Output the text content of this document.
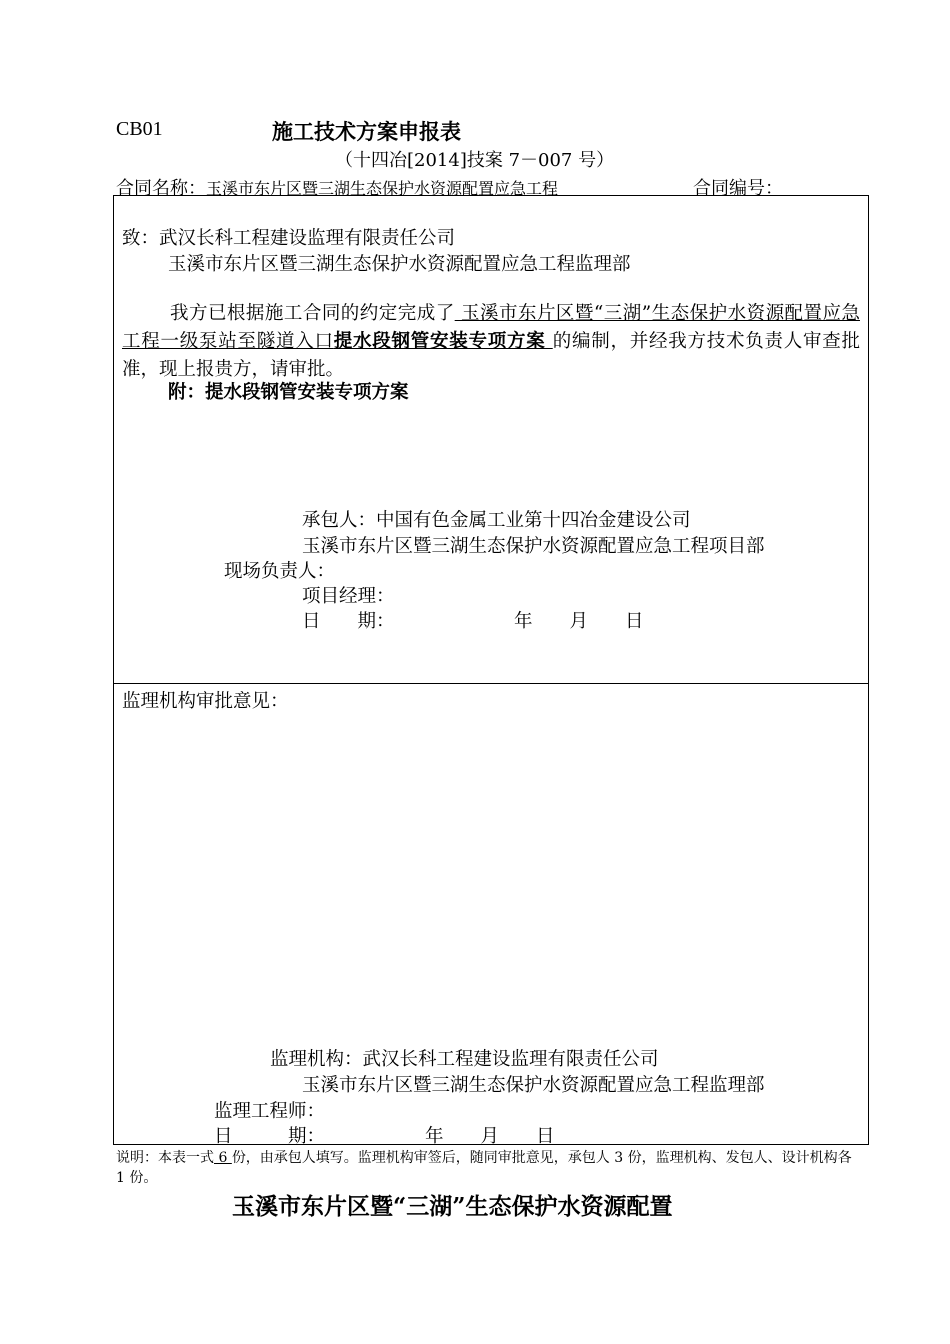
CB01	施工技术方案申报表
（十四冶[2014]技案 7－007 号）
合同名称：玉溪市东片区暨三湖生态保护水资源配置应急工程	合同编号：
致：武汉长科工程建设监理有限责任公司
玉溪市东片区暨三湖生态保护水资源配置应急工程监理部
我方已根据施工合同的约定完成了 玉溪市东片区暨“三湖”生态保护水资源配置应急工程一级泵站至隧道入口提水段钢管安装专项方案 的编制，并经我方技术负责人审查批准，现上报贵方，请审批。
附：提水段钢管安装专项方案
承包人：中国有色金属工业第十四冶金建设公司
玉溪市东片区暨三湖生态保护水资源配置应急工程项目部
现场负责人：
项目经理：
日　　期：	年　　月　　日
监理机构审批意见：
监理机构：武汉长科工程建设监理有限责任公司
玉溪市东片区暨三湖生态保护水资源配置应急工程监理部
监理工程师：
日　　　期：	年　　月　　日
说明：本表一式 6 份，由承包人填写。监理机构审签后，随同审批意见，承包人 3 份，监理机构、发包人、设计机构各 1 份。
玉溪市东片区暨“三湖”生态保护水资源配置
